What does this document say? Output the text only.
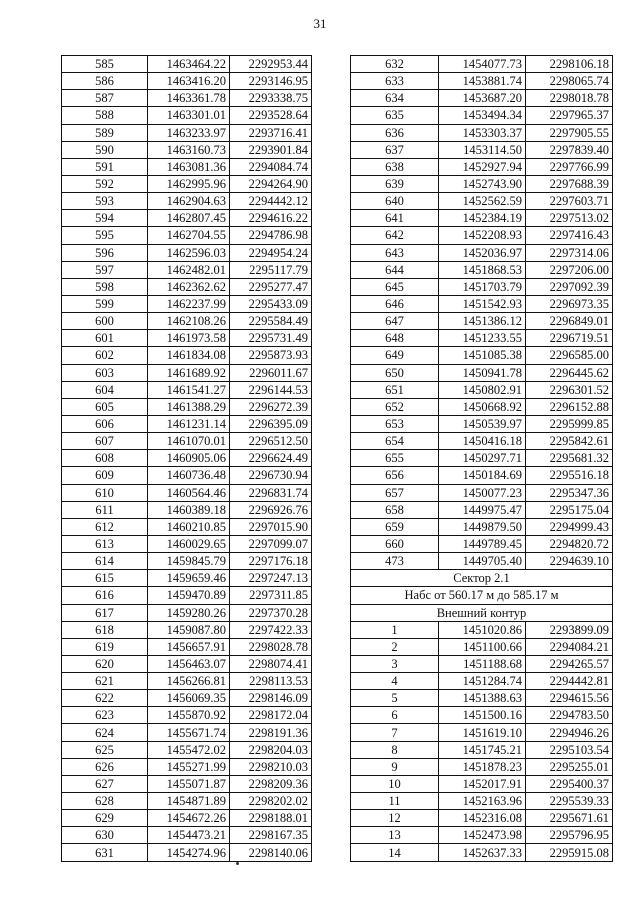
31
585	1463464.22	2292953.44
586	1463416.20	2293146.95
587	1463361.78	2293338.75
588	1463301.01	2293528.64
589	1463233.97	2293716.41
590	1463160.73	2293901.84
591	1463081.36	2294084.74
592	1462995.96	2294264.90
593	1462904.63	2294442.12
594	1462807.45	2294616.22
595	1462704.55	2294786.98
596	1462596.03	2294954.24
597	1462482.01	2295117.79
598	1462362.62	2295277.47
599	1462237.99	2295433.09
600	1462108.26	2295584.49
601	1461973.58	2295731.49
602	1461834.08	2295873.93
603	1461689.92	2296011.67
604	1461541.27	2296144.53
605	1461388.29	2296272.39
606	1461231.14	2296395.09
607	1461070.01	2296512.50
608	1460905.06	2296624.49
609	1460736.48	2296730.94
610	1460564.46	2296831.74
611	1460389.18	2296926.76
612	1460210.85	2297015.90
613	1460029.65	2297099.07
614	1459845.79	2297176.18
615	1459659.46	2297247.13
616	1459470.89	2297311.85
617	1459280.26	2297370.28
618	1459087.80	2297422.33
619	1456657.91	2298028.78
620	1456463.07	2298074.41
621	1456266.81	2298113.53
622	1456069.35	2298146.09
623	1455870.92	2298172.04
624	1455671.74	2298191.36
625	1455472.02	2298204.03
626	1455271.99	2298210.03
627	1455071.87	2298209.36
628	1454871.89	2298202.02
629	1454672.26	2298188.01
630	1454473.21	2298167.35
631	1454274.96	2298140.06
632	1454077.73	2298106.18
633	1453881.74	2298065.74
634	1453687.20	2298018.78
635	1453494.34	2297965.37
636	1453303.37	2297905.55
637	1453114.50	2297839.40
638	1452927.94	2297766.99
639	1452743.90	2297688.39
640	1452562.59	2297603.71
641	1452384.19	2297513.02
642	1452208.93	2297416.43
643	1452036.97	2297314.06
644	1451868.53	2297206.00
645	1451703.79	2297092.39
646	1451542.93	2296973.35
647	1451386.12	2296849.01
648	1451233.55	2296719.51
649	1451085.38	2296585.00
650	1450941.78	2296445.62
651	1450802.91	2296301.52
652	1450668.92	2296152.88
653	1450539.97	2295999.85
654	1450416.18	2295842.61
655	1450297.71	2295681.32
656	1450184.69	2295516.18
657	1450077.23	2295347.36
658	1449975.47	2295175.04
659	1449879.50	2294999.43
660	1449789.45	2294820.72
473	1449705.40	2294639.10
Сектор 2.1		
Набс от 560.17 м до 585.17 м		
Внешний контур		
1	1451020.86	2293899.09
2	1451100.66	2294084.21
3	1451188.68	2294265.57
4	1451284.74	2294442.81
5	1451388.63	2294615.56
6	1451500.16	2294783.50
7	1451619.10	2294946.26
8	1451745.21	2295103.54
9	1451878.23	2295255.01
10	1452017.91	2295400.37
11	1452163.96	2295539.33
12	1452316.08	2295671.61
13	1452473.98	2295796.95
14	1452637.33	2295915.08
